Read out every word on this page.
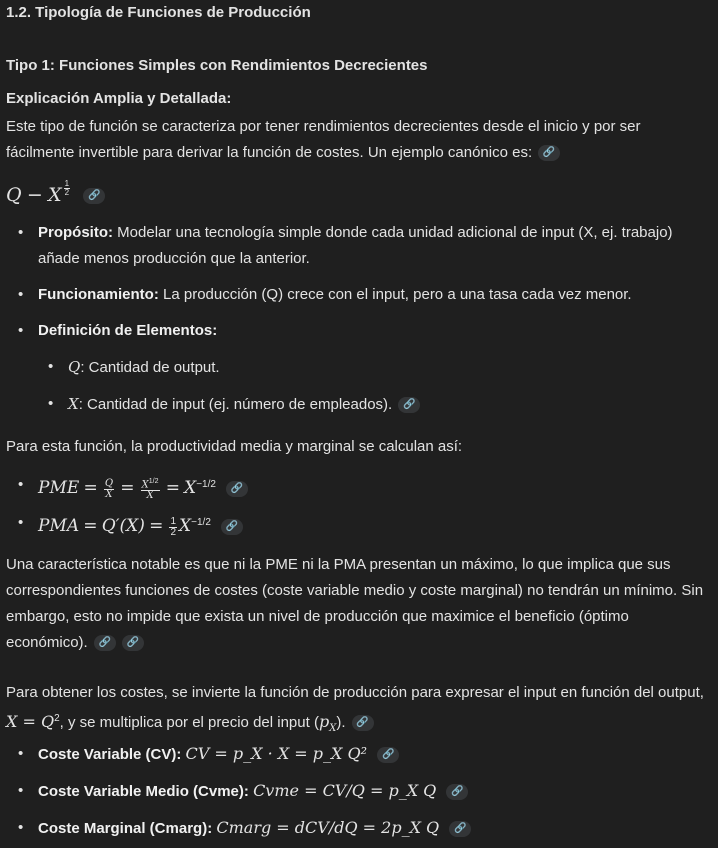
1.2. Tipología de Funciones de Producción

Tipo 1: Funciones Simples con Rendimientos Decrecientes

Explicación Amplia y Detallada:

Este tipo de función se caracteriza por tener rendimientos decrecientes desde el inicio y por ser fácilmente invertible para derivar la función de costes. Un ejemplo canónico es: 🔗

Q − X $\frac{1}{2}$ 🔗
• Propósito: Modelar una tecnología simple donde cada unidad adicional de input (X, ej. trabajo) añade menos producción que la anterior.
• Funcionamiento: La producción (Q) crece con el input, pero a una tasa cada vez menor.
• Definición de Elementos:
• Q: Cantidad de output.
• X: Cantidad de input (ej. número de empleados). 🔗

Para esta función, la productividad media y marginal se calculan así:

• PME = $\frac{Q}{X} = \frac{X^{1/2}}{X} = X^{-1/2}$ 🔗
• PMA = $Q'(X) = \frac{1}{2} X^{-1/2}$ 🔗

Una característica notable es que ni la PME ni la PMA presentan un máximo, lo que implica que sus correspondientes funciones de costes (coste variable medio y coste marginal) no tendrán un mínimo. Sin embargo, esto no impide que exista un nivel de producción que maximice el beneficio (óptimo económico). 🔗 🔗

Para obtener los costes, se invierte la función de producción para expresar el input en función del output, $X = Q^2$, y se multiplica por el precio del input $(p_X)$. 🔗

• Coste Variable (CV): CV = p_X · X = p_X Q² 🔗
• Coste Variable Medio (Cvme): Cvme = CV/Q = p_X Q 🔗
• Coste Marginal (Cmarg): Cmarg = dCV/dQ = 2p_X Q 🔗
